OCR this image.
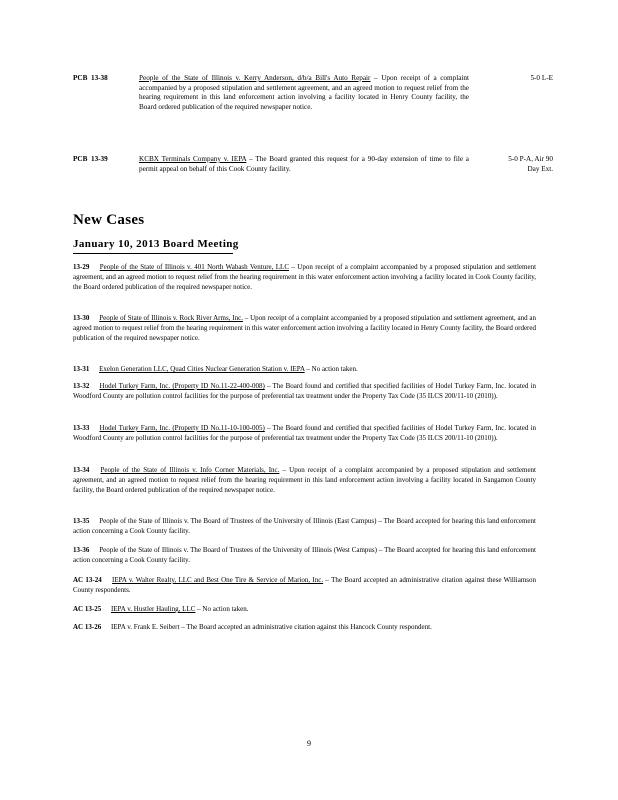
PCB 13-38	People of the State of Illinois v. Kerry Anderson, d/b/a Bill's Auto Repair – Upon receipt of a complaint accompanied by a proposed stipulation and settlement agreement, and an agreed motion to request relief from the hearing requirement in this land enforcement action involving a facility located in Henry County facility, the Board ordered publication of the required newspaper notice.
5-0 L-E
PCB 13-39	KCBX Terminals Company v. IEPA – The Board granted this request for a 90-day extension of time to file a permit appeal on behalf of this Cook County facility.
5-0 P-A, Air 90 Day Ext.
New Cases
January 10, 2013 Board Meeting
13-29 People of the State of Illinois v. 401 North Wabash Venture, LLC – Upon receipt of a complaint accompanied by a proposed stipulation and settlement agreement, and an agreed motion to request relief from the hearing requirement in this water enforcement action involving a facility located in Cook County facility, the Board ordered publication of the required newspaper notice.
13-30 People of State of Illinois v. Rock River Arms, Inc. – Upon receipt of a complaint accompanied by a proposed stipulation and settlement agreement, and an agreed motion to request relief from the hearing requirement in this water enforcement action involving a facility located in Henry County facility, the Board ordered publication of the required newspaper notice.
13-31 Exelon Generation LLC, Quad Cities Nuclear Generation Station v. IEPA – No action taken.
13-32 Hodel Turkey Farm, Inc. (Property ID No.11-22-400-008) – The Board found and certified that specified facilities of Hodel Turkey Farm, Inc. located in Woodford County are pollution control facilities for the purpose of preferential tax treatment under the Property Tax Code (35 ILCS 200/11-10 (2010)).
13-33 Hodel Turkey Farm, Inc. (Property ID No.11-10-100-005) – The Board found and certified that specified facilities of Hodel Turkey Farm, Inc. located in Woodford County are pollution control facilities for the purpose of preferential tax treatment under the Property Tax Code (35 ILCS 200/11-10 (2010)).
13-34 People of the State of Illinois v. Info Corner Materials, Inc. – Upon receipt of a complaint accompanied by a proposed stipulation and settlement agreement, and an agreed motion to request relief from the hearing requirement in this land enforcement action involving a facility located in Sangamon County facility, the Board ordered publication of the required newspaper notice.
13-35 People of the State of Illinois v. The Board of Trustees of the University of Illinois (East Campus) – The Board accepted for hearing this land enforcement action concerning a Cook County facility.
13-36 People of the State of Illinois v. The Board of Trustees of the University of Illinois (West Campus) – The Board accepted for hearing this land enforcement action concerning a Cook County facility.
AC 13-24 IEPA v. Walter Realty, LLC and Best One Tire & Service of Marion, Inc. – The Board accepted an administrative citation against these Williamson County respondents.
AC 13-25 IEPA v. Hustler Hauling, LLC – No action taken.
AC 13-26 IEPA v. Frank E. Seibert – The Board accepted an administrative citation against this Hancock County respondent.
9
